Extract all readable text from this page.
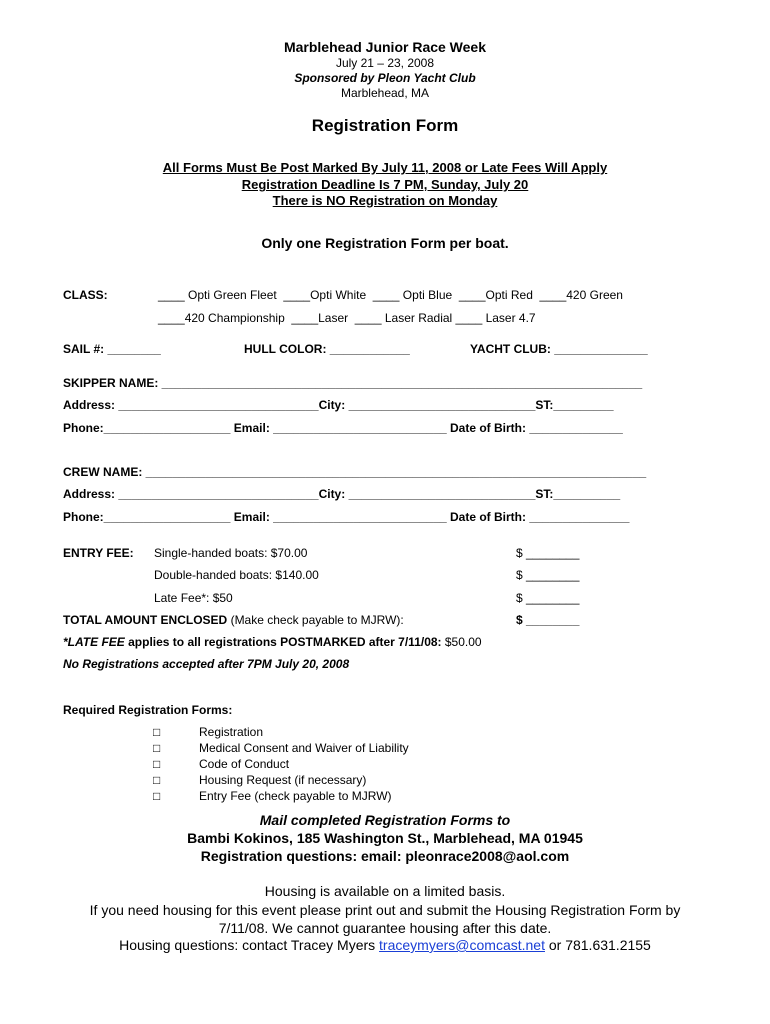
Marblehead Junior Race Week
July 21 – 23, 2008
Sponsored by Pleon Yacht Club
Marblehead, MA
Registration Form
All Forms Must Be Post Marked By July 11, 2008 or Late Fees Will Apply
Registration Deadline Is 7 PM, Sunday, July 20
There is NO Registration on Monday
Only one Registration Form per boat.
CLASS:	____ Opti Green Fleet  ____Opti White  ____ Opti Blue  ____Opti Red  ____420 Green
____420 Championship  ____Laser  ____ Laser Radial ____ Laser 4.7
SAIL #: ________	HULL COLOR: ____________	YACHT CLUB: ______________
SKIPPER NAME: ________________________________________________________________________
Address: ______________________________City: ____________________________ST:_________
Phone:___________________ Email: __________________________ Date of Birth: ______________
CREW NAME: ___________________________________________________________________________
Address: ______________________________City: ____________________________ST:__________
Phone:___________________ Email: __________________________ Date of Birth: _______________
ENTRY FEE: Single-handed boats: $70.00	$ ________
Double-handed boats: $140.00	$ ________
Late Fee*: $50	$ ________
TOTAL AMOUNT ENCLOSED (Make check payable to MJRW):	$ ________
*LATE FEE applies to all registrations POSTMARKED after 7/11/08: $50.00
No Registrations accepted after 7PM July 20, 2008
Required Registration Forms:
□	Registration
□	Medical Consent and Waiver of Liability
□	Code of Conduct
□	Housing Request (if necessary)
□	Entry Fee (check payable to MJRW)
Mail completed Registration Forms to
Bambi Kokinos, 185 Washington St., Marblehead, MA 01945
Registration questions: email: pleonrace2008@aol.com
Housing is available on a limited basis.
If you need housing for this event please print out and submit the Housing Registration Form by
7/11/08. We cannot guarantee housing after this date.
Housing questions: contact Tracey Myers traceymyers@comcast.net or 781.631.2155
